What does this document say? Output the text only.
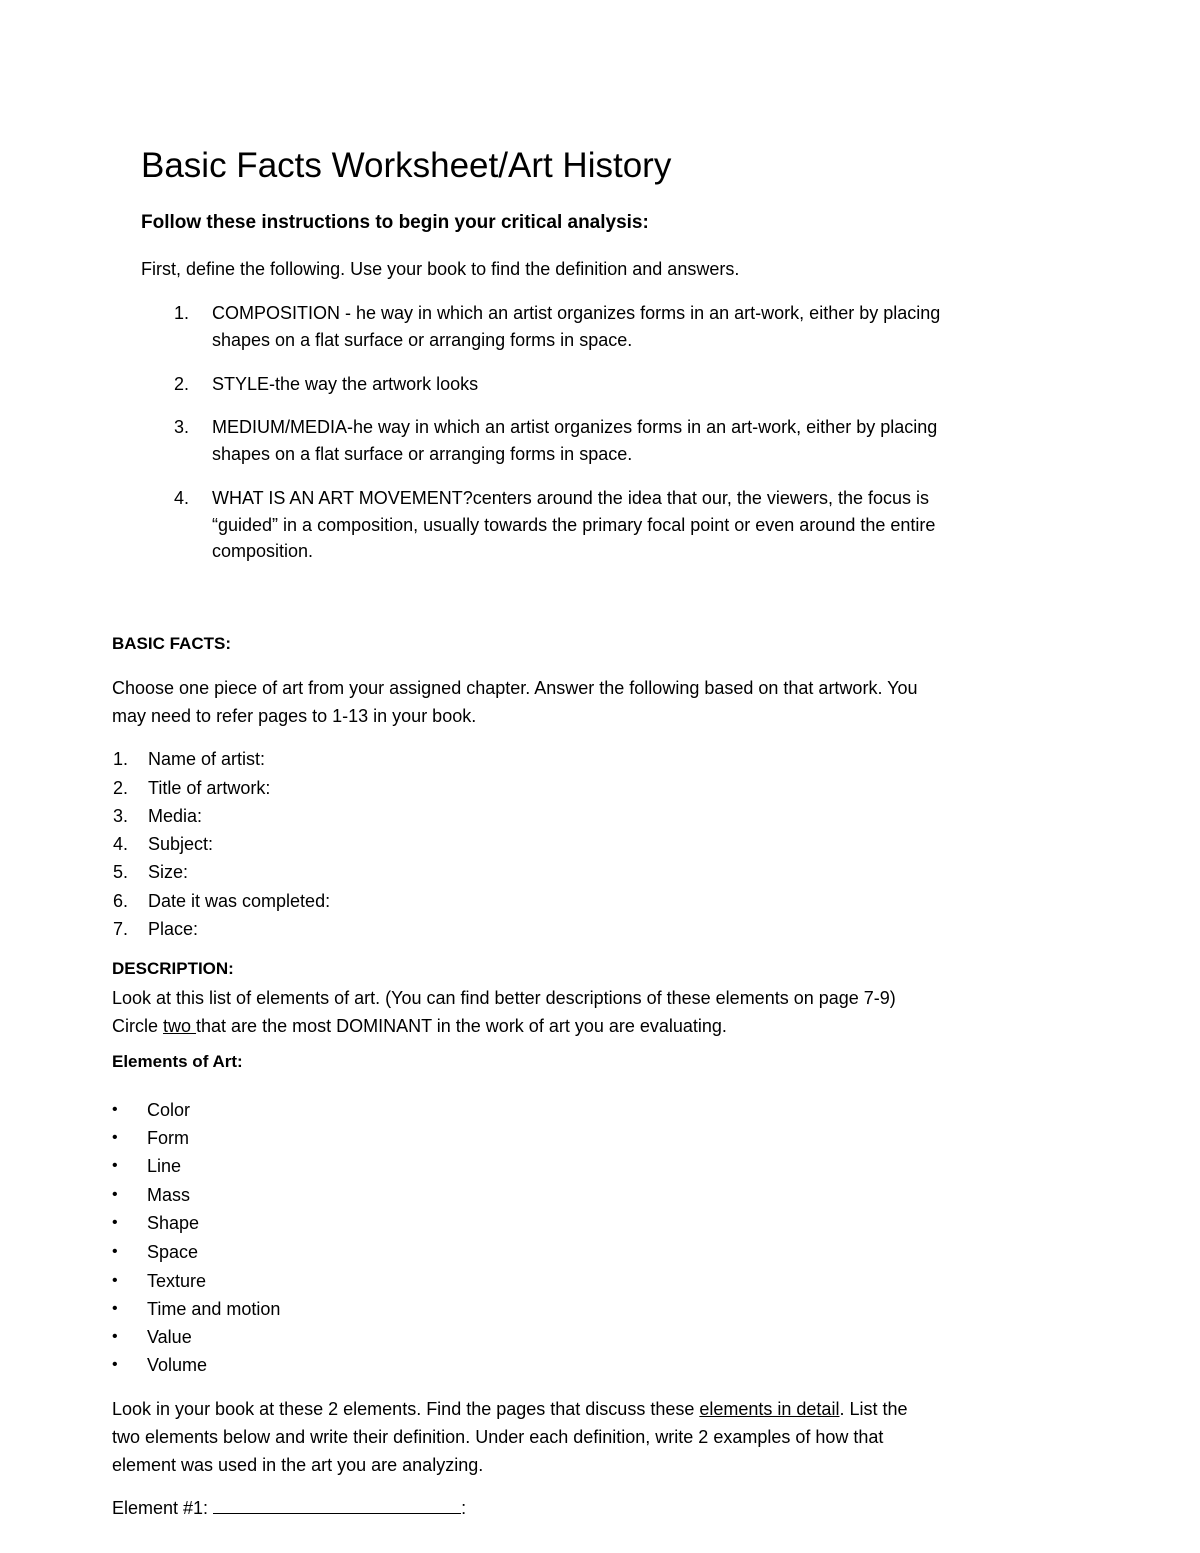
Basic Facts Worksheet/Art History
Follow these instructions to begin your critical analysis:
First, define the following. Use your book to find the definition and answers.
1. COMPOSITION - he way in which an artist organizes forms in an art-work, either by placing
shapes on a flat surface or arranging forms in space.
2. STYLE-the way the artwork looks
3. MEDIUM/MEDIA-he way in which an artist organizes forms in an art-work, either by placing
shapes on a flat surface or arranging forms in space.
4. WHAT IS AN ART MOVEMENT?centers around the idea that our, the viewers, the focus is
“guided” in a composition, usually towards the primary focal point or even around the entire
composition.
BASIC FACTS:
Choose one piece of art from your assigned chapter. Answer the following based on that artwork. You
may need to refer pages to 1-13 in your book.
1. Name of artist:
2. Title of artwork:
3. Media:
4. Subject:
5. Size:
6. Date it was completed:
7. Place:
DESCRIPTION:
Look at this list of elements of art. (You can find better descriptions of these elements on page 7-9)
Circle two that are the most DOMINANT in the work of art you are evaluating.
Elements of Art:
• Color
• Form
• Line
• Mass
• Shape
• Space
• Texture
• Time and motion
• Value
• Volume
Look in your book at these 2 elements. Find the pages that discuss these elements in detail. List the
two elements below and write their definition. Under each definition, write 2 examples of how that
element was used in the art you are analyzing.
Element #1:	:
